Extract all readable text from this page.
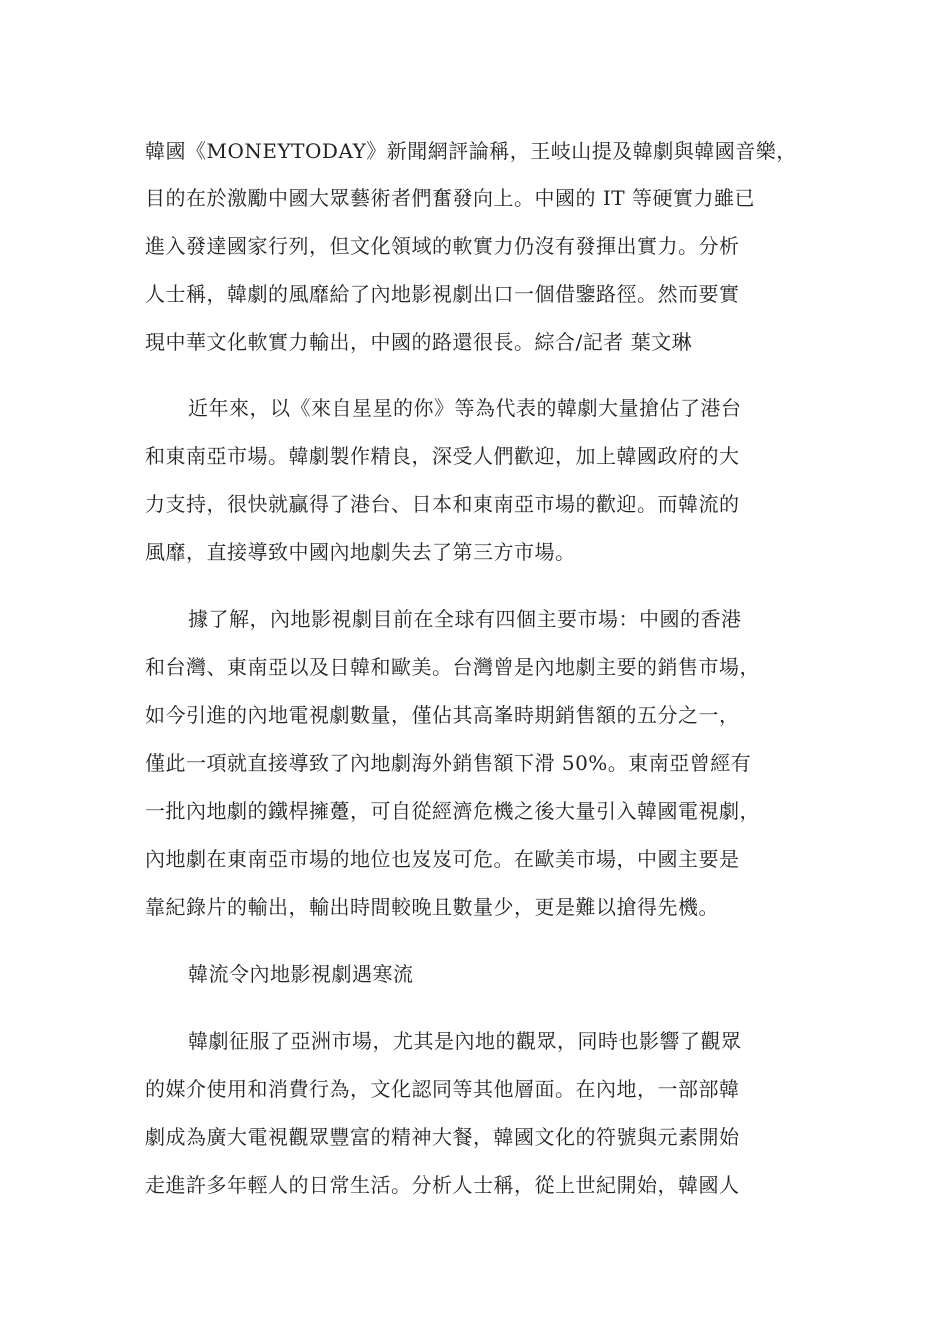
韓國《MONEYTODAY》新聞網評論稱，王岐山提及韓劇與韓國音樂，

目的在於激勵中國大眾藝術者們奮發向上。中國的 IT 等硬實力雖已

進入發達國家行列，但文化領域的軟實力仍沒有發揮出實力。分析

人士稱，韓劇的風靡給了內地影視劇出口一個借鑒路徑。然而要實

現中華文化軟實力輸出，中國的路還很長。綜合/記者 葉文琳

近年來，以《來自星星的你》等為代表的韓劇大量搶佔了港台

和東南亞市場。韓劇製作精良，深受人們歡迎，加上韓國政府的大

力支持，很快就贏得了港台、日本和東南亞市場的歡迎。而韓流的

風靡，直接導致中國內地劇失去了第三方市場。

據了解，內地影視劇目前在全球有四個主要市場：中國的香港

和台灣、東南亞以及日韓和歐美。台灣曾是內地劇主要的銷售市場，

如今引進的內地電視劇數量，僅佔其高峯時期銷售額的五分之一，

僅此一項就直接導致了內地劇海外銷售額下滑 50%。東南亞曾經有

一批內地劇的鐵桿擁躉，可自從經濟危機之後大量引入韓國電視劇，

內地劇在東南亞市場的地位也岌岌可危。在歐美市場，中國主要是

靠紀錄片的輸出，輸出時間較晚且數量少，更是難以搶得先機。

韓流令內地影視劇遇寒流

韓劇征服了亞洲市場，尤其是內地的觀眾，同時也影響了觀眾

的媒介使用和消費行為，文化認同等其他層面。在內地，一部部韓

劇成為廣大電視觀眾豐富的精神大餐，韓國文化的符號與元素開始

走進許多年輕人的日常生活。分析人士稱，從上世紀開始，韓國人
